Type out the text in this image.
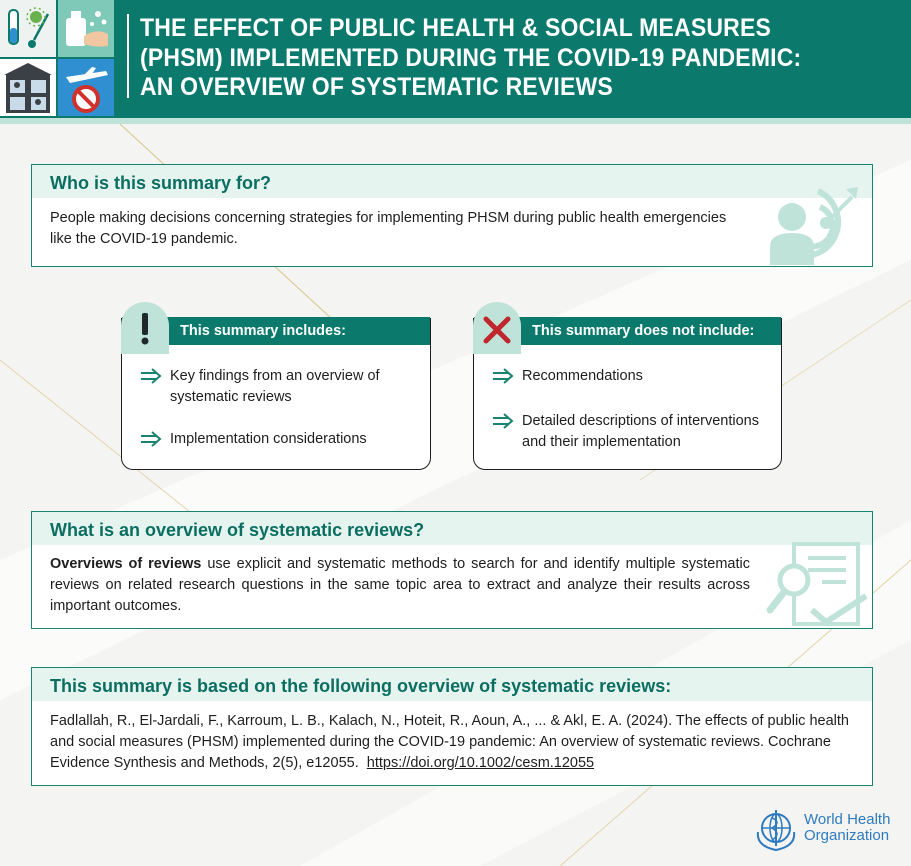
THE EFFECT OF PUBLIC HEALTH & SOCIAL MEASURES (PHSM) IMPLEMENTED DURING THE COVID-19 PANDEMIC: AN OVERVIEW OF SYSTEMATIC REVIEWS
Who is this summary for?
People making decisions concerning strategies for implementing PHSM during public health emergencies like the COVID-19 pandemic.
This summary includes:
Key findings from an overview of systematic reviews
Implementation considerations
This summary does not include:
Recommendations
Detailed descriptions of interventions and their implementation
What is an overview of systematic reviews?
Overviews of reviews use explicit and systematic methods to search for and identify multiple systematic reviews on related research questions in the same topic area to extract and analyze their results across important outcomes.
This summary is based on the following overview of systematic reviews:
Fadlallah, R., El-Jardali, F., Karroum, L. B., Kalach, N., Hoteit, R., Aoun, A., ... & Akl, E. A. (2024). The effects of public health and social measures (PHSM) implemented during the COVID-19 pandemic: An overview of systematic reviews. Cochrane Evidence Synthesis and Methods, 2(5), e12055. https://doi.org/10.1002/cesm.12055
World Health
Organization
